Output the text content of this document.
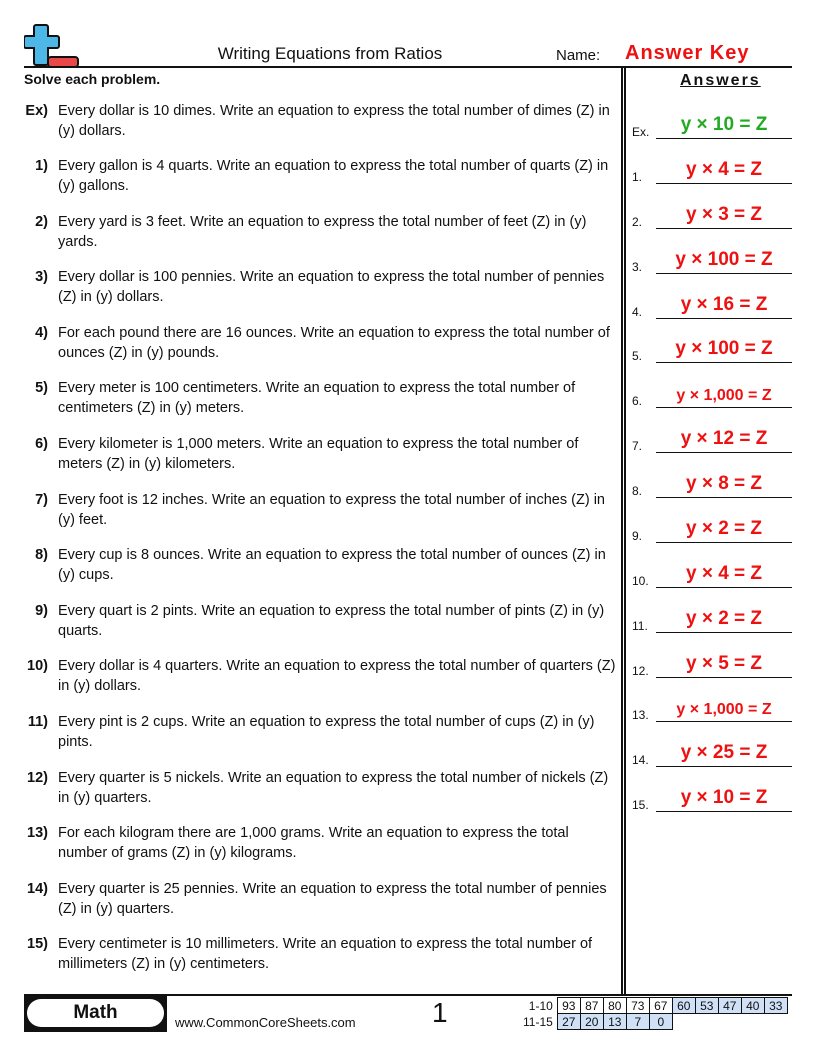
Writing Equations from Ratios	Name: Answer Key
Solve each problem.	Answers
Ex) Every dollar is 10 dimes. Write an equation to express the total number of dimes (Z) in (y) dollars.
1) Every gallon is 4 quarts. Write an equation to express the total number of quarts (Z) in (y) gallons.
2) Every yard is 3 feet. Write an equation to express the total number of feet (Z) in (y) yards.
3) Every dollar is 100 pennies. Write an equation to express the total number of pennies (Z) in (y) dollars.
4) For each pound there are 16 ounces. Write an equation to express the total number of ounces (Z) in (y) pounds.
5) Every meter is 100 centimeters. Write an equation to express the total number of centimeters (Z) in (y) meters.
6) Every kilometer is 1,000 meters. Write an equation to express the total number of meters (Z) in (y) kilometers.
7) Every foot is 12 inches. Write an equation to express the total number of inches (Z) in (y) feet.
8) Every cup is 8 ounces. Write an equation to express the total number of ounces (Z) in (y) cups.
9) Every quart is 2 pints. Write an equation to express the total number of pints (Z) in (y) quarts.
10) Every dollar is 4 quarters. Write an equation to express the total number of quarters (Z) in (y) dollars.
11) Every pint is 2 cups. Write an equation to express the total number of cups (Z) in (y) pints.
12) Every quarter is 5 nickels. Write an equation to express the total number of nickels (Z) in (y) quarters.
13) For each kilogram there are 1,000 grams. Write an equation to express the total number of grams (Z) in (y) kilograms.
14) Every quarter is 25 pennies. Write an equation to express the total number of pennies (Z) in (y) quarters.
15) Every centimeter is 10 millimeters. Write an equation to express the total number of millimeters (Z) in (y) centimeters.
Ex.	y × 10 = Z
1.	y × 4 = Z
2.	y × 3 = Z
3.	y × 100 = Z
4.	y × 16 = Z
5.	y × 100 = Z
6.	y × 1,000 = Z
7.	y × 12 = Z
8.	y × 8 = Z
9.	y × 2 = Z
10.	y × 4 = Z
11.	y × 2 = Z
12.	y × 5 = Z
13.	y × 1,000 = Z
14.	y × 25 = Z
15.	y × 10 = Z
Math	www.CommonCoreSheets.com	1	1-10	93	87	80	73	67	60	53	47	40	33
11-15	27	20	13	7	0					
